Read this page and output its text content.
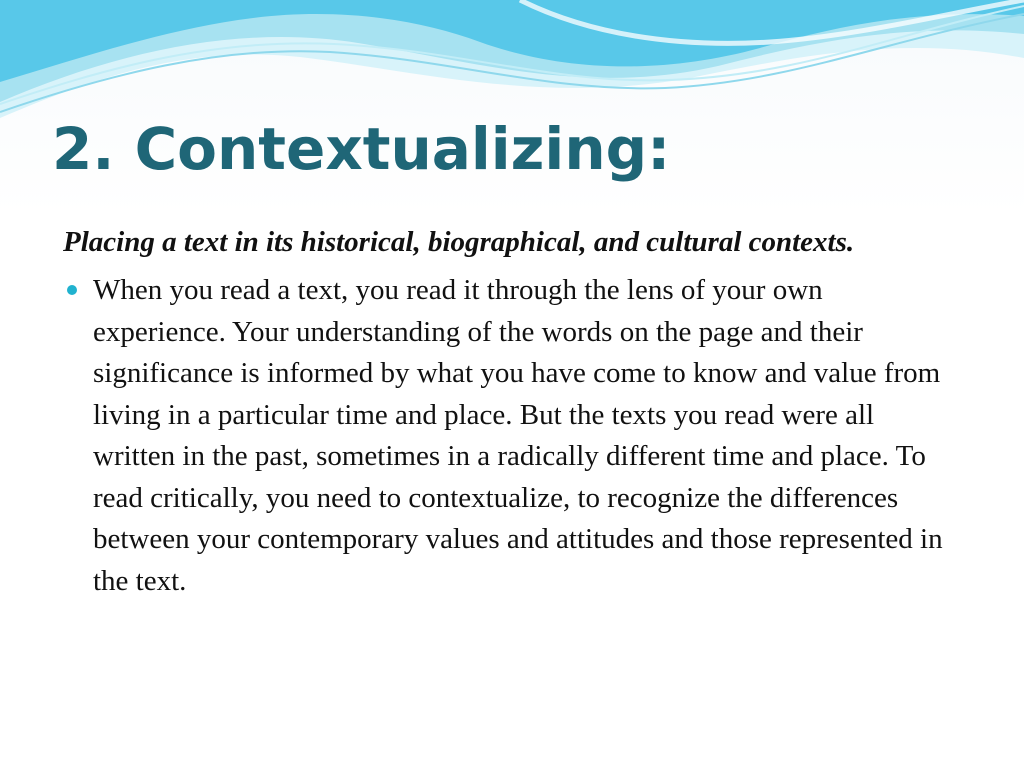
2. Contextualizing:

Placing a text in its historical, biographical, and cultural contexts.

When you read a text, you read it through the lens of your own experience. Your understanding of the words on the page and their significance is informed by what you have come to know and value from living in a particular time and place. But the texts you read were all written in the past, sometimes in a radically different time and place. To read critically, you need to contextualize, to recognize the differences between your contemporary values and attitudes and those represented in the text.
